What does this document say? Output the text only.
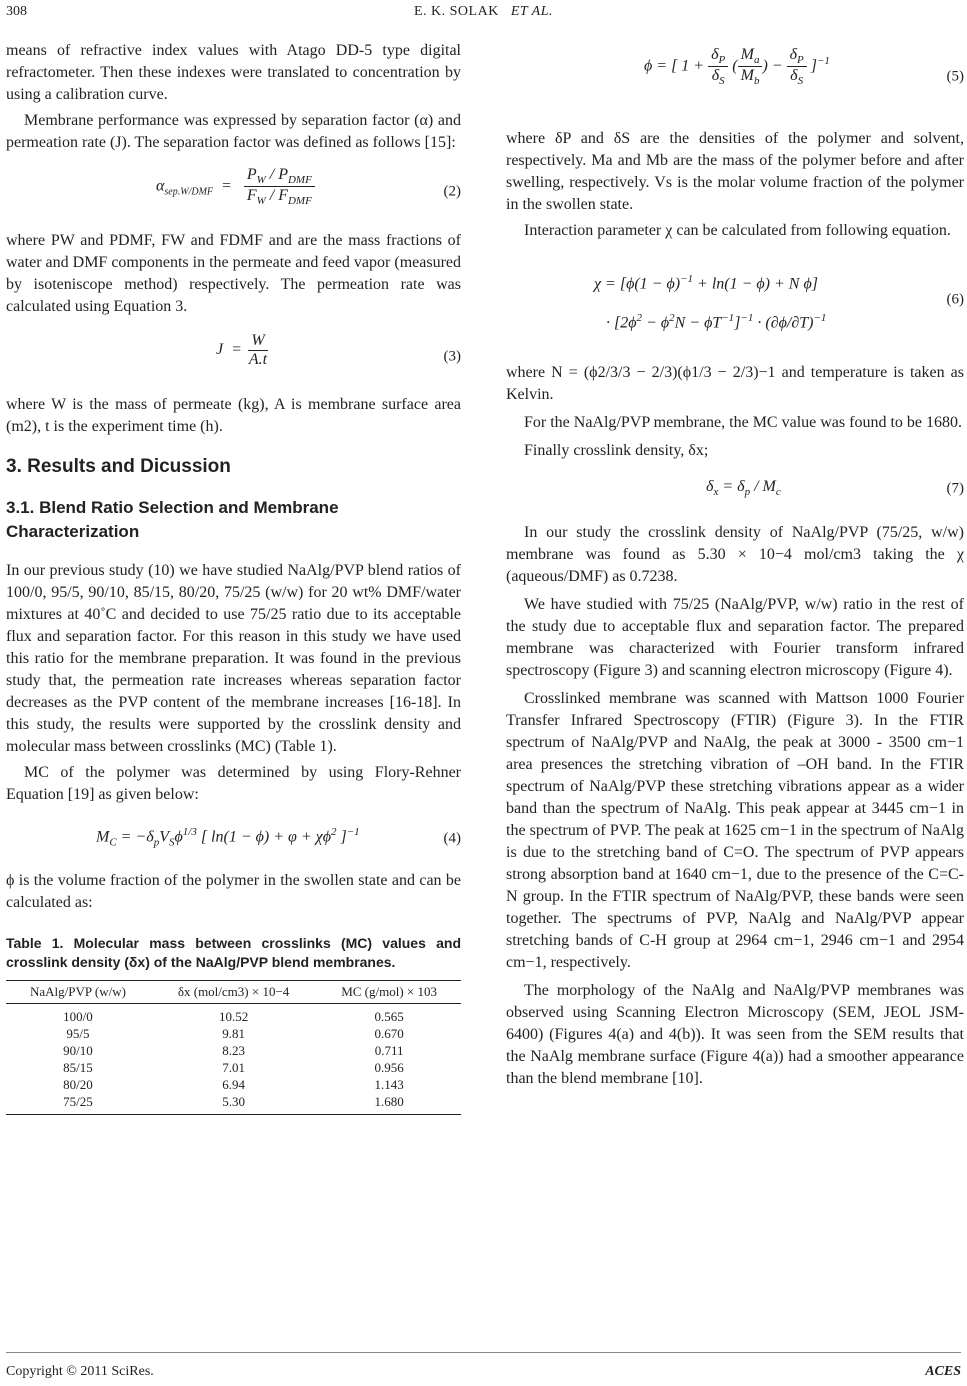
308	E. K. SOLAK ET AL.

means of refractive index values with Atago DD-5 type digital refractometer. Then these indexes were translated to concentration by using a calibration curve.

Membrane performance was expressed by separation factor (α) and permeation rate (J). The separation factor was defined as follows [15]:

$\alpha_{sep.W/DMF} = \frac{P_W / P_{DMF}}{F_W / F_{DMF}}$	(2)

where PW and PDMF, FW and FDMF and are the mass fractions of water and DMF components in the permeate and feed vapor (measured by isoteniscope method) respectively. The permeation rate was calculated using Equation 3.

$J = \frac{W}{A.t}$	(3)

where W is the mass of permeate (kg), A is membrane surface area (m2), t is the experiment time (h).

3. Results and Dicussion
3.1. Blend Ratio Selection and Membrane Characterization

In our previous study (10) we have studied NaAlg/PVP blend ratios of 100/0, 95/5, 90/10, 85/15, 80/20, 75/25 (w/w) for 20 wt% DMF/water mixtures at 40˚C and decided to use 75/25 ratio due to its acceptable flux and separation factor. For this reason in this study we have used this ratio for the membrane preparation. It was found in the previous study that, the permeation rate increases whereas separation factor decreases as the PVP content of the membrane increases [16-18]. In this study, the results were supported by the crosslink density and molecular mass between crosslinks (MC) (Table 1).

MC of the polymer was determined by using Flory-Rehner Equation [19] as given below:

$M_C = -\delta_pV_S\phi^{1/3}$ [ $\ln(1 - \phi) + \varphi + \chi\phi^2$ ]$^{-1}$	(4)

ϕ is the volume fraction of the polymer in the swollen state and can be calculated as:

Table 1. Molecular mass between crosslinks (MC) values and crosslink density (δx) of the NaAlg/PVP blend membranes.

NaAlg/PVP (w/w)	δx (mol/cm3) × 10−4	MC (g/mol) × 103
100/0	10.52	0.565
95/5	9.81	0.670
90/10	8.23	0.711
85/15	7.01	0.956
80/20	6.94	1.143
75/25	5.30	1.680
ϕ = [ $1 + \frac{\delta_P}{\delta_S}$ ( $\frac{M_a}{M_b}$ ) − $\frac{\delta_P}{\delta_S} ]^{-1}$
(5)

where δP and δS are the densities of the polymer and solvent, respectively. Ma and Mb are the mass of the polymer before and after swelling, respectively. Vs is the molar volume fraction of the polymer in the swollen state.

Interaction parameter χ can be calculated from following equation.

$\chi = [\phi(1 - \phi)^{-1} + \ln(1 - \phi) + N$ ϕ]
· $[2\phi^2 - \phi^2N - \phi T^{-1}]^{-1} \cdot (\partial\phi/\partial T)^{-1}$
(6)

where N = (ϕ2/3/3 − 2/3)(ϕ1/3 − 2/3)−1 and temperature is taken as Kelvin.

For the NaAlg/PVP membrane, the MC value was found to be 1680.

Finally crosslink density, δx;

$\delta_x = \delta_p / M_c$	(7)

In our study the crosslink density of NaAlg/PVP (75/25, w/w) membrane was found as 5.30 × 10−4 mol/cm3 taking the χ (aqueous/DMF) as 0.7238.

We have studied with 75/25 (NaAlg/PVP, w/w) ratio in the rest of the study due to acceptable flux and separation factor. The prepared membrane was characterized with Fourier transform infrared spectroscopy (Figure 3) and scanning electron microscopy (Figure 4).

Crosslinked membrane was scanned with Mattson 1000 Fourier Transfer Infrared Spectroscopy (FTIR) (Figure 3). In the FTIR spectrum of NaAlg/PVP and NaAlg, the peak at 3000 - 3500 cm−1 area presences the stretching vibration of –OH band. In the FTIR spectrum of NaAlg/PVP these stretching vibrations appear as a wider band than the spectrum of NaAlg. This peak appear at 3445 cm−1 in the spectrum of PVP. The peak at 1625 cm−1 in the spectrum of NaAlg is due to the stretching band of C=O. The spectrum of PVP appears strong absorption band at 1640 cm−1, due to the presence of the C=C-N group. In the FTIR spectrum of NaAlg/PVP, these bands were seen together. The spectrums of PVP, NaAlg and NaAlg/PVP appear stretching bands of C-H group at 2964 cm−1, 2946 cm−1 and 2954 cm−1, respectively.

The morphology of the NaAlg and NaAlg/PVP membranes was observed using Scanning Electron Microscopy (SEM, JEOL JSM-6400) (Figures 4(a) and 4(b)). It was seen from the SEM results that the NaAlg membrane surface (Figure 4(a)) had a smoother appearance than the blend membrane [10].

Copyright © 2011 SciRes.	ACES
